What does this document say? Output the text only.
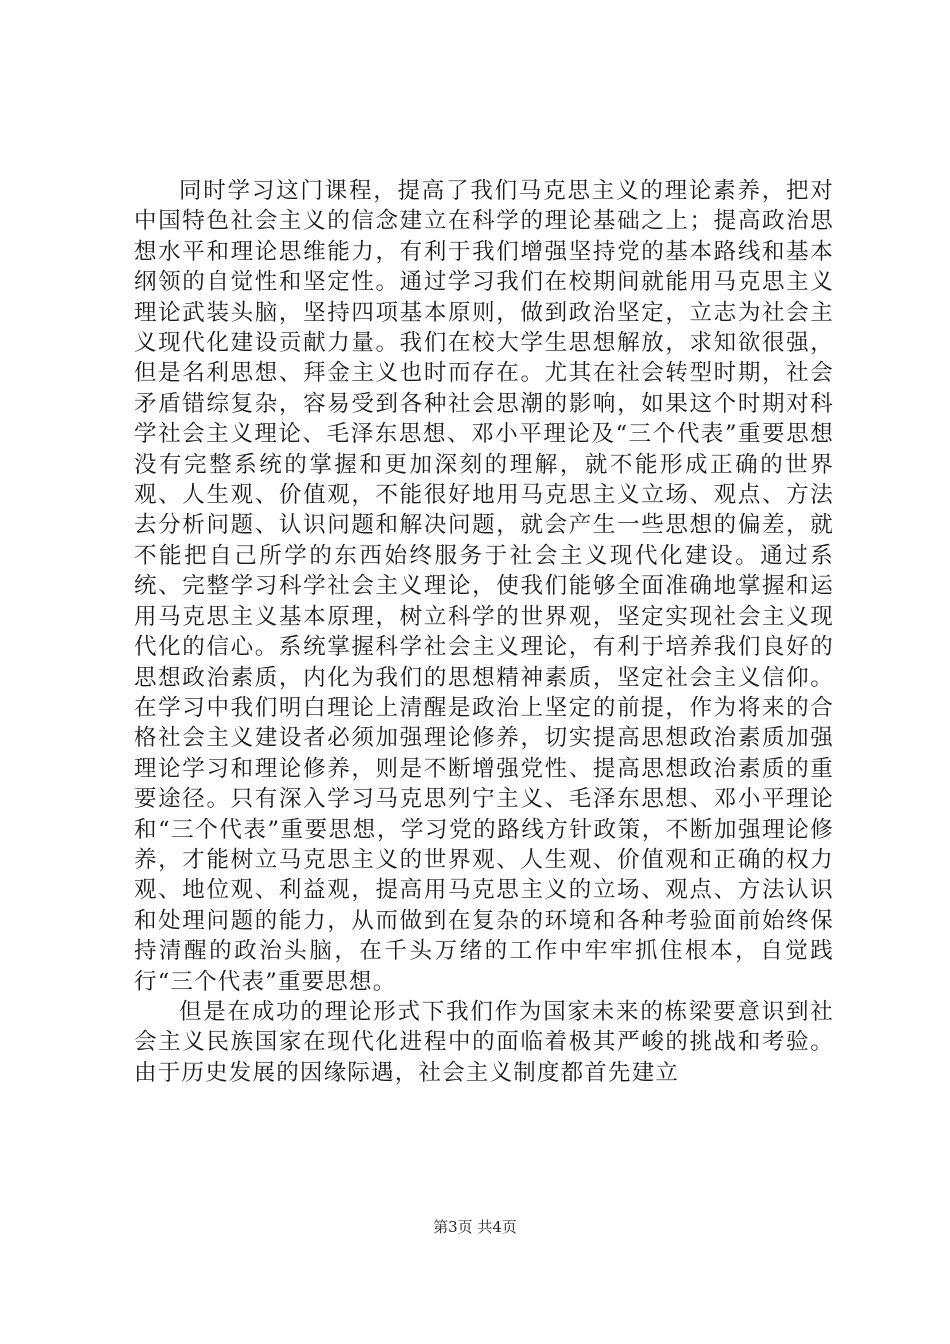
同时学习这门课程，提高了我们马克思主义的理论素养，把对中国特色社会主义的信念建立在科学的理论基础之上；提高政治思想水平和理论思维能力，有利于我们增强坚持党的基本路线和基本纲领的自觉性和坚定性。通过学习我们在校期间就能用马克思主义理论武装头脑，坚持四项基本原则，做到政治坚定，立志为社会主义现代化建设贡献力量。我们在校大学生思想解放，求知欲很强，但是名利思想、拜金主义也时而存在。尤其在社会转型时期，社会矛盾错综复杂，容易受到各种社会思潮的影响，如果这个时期对科学社会主义理论、毛泽东思想、邓小平理论及“三个代表”重要思想没有完整系统的掌握和更加深刻的理解，就不能形成正确的世界观、人生观、价值观，不能很好地用马克思主义立场、观点、方法去分析问题、认识问题和解决问题，就会产生一些思想的偏差，就不能把自己所学的东西始终服务于社会主义现代化建设。通过系统、完整学习科学社会主义理论，使我们能够全面准确地掌握和运用马克思主义基本原理，树立科学的世界观，坚定实现社会主义现代化的信心。系统掌握科学社会主义理论，有利于培养我们良好的思想政治素质，内化为我们的思想精神素质，坚定社会主义信仰。在学习中我们明白理论上清醒是政治上坚定的前提，作为将来的合格社会主义建设者必须加强理论修养，切实提高思想政治素质加强理论学习和理论修养，则是不断增强党性、提高思想政治素质的重要途径。只有深入学习马克思列宁主义、毛泽东思想、邓小平理论和“三个代表”重要思想，学习党的路线方针政策，不断加强理论修养，才能树立马克思主义的世界观、人生观、价值观和正确的权力观、地位观、利益观，提高用马克思主义的立场、观点、方法认识和处理问题的能力，从而做到在复杂的环境和各种考验面前始终保持清醒的政治头脑，在千头万绪的工作中牢牢抓住根本，自觉践行“三个代表”重要思想。

但是在成功的理论形式下我们作为国家未来的栋梁要意识到社会主义民族国家在现代化进程中的面临着极其严峻的挑战和考验。由于历史发展的因缘际遇，社会主义制度都首先建立

第3页 共4页
